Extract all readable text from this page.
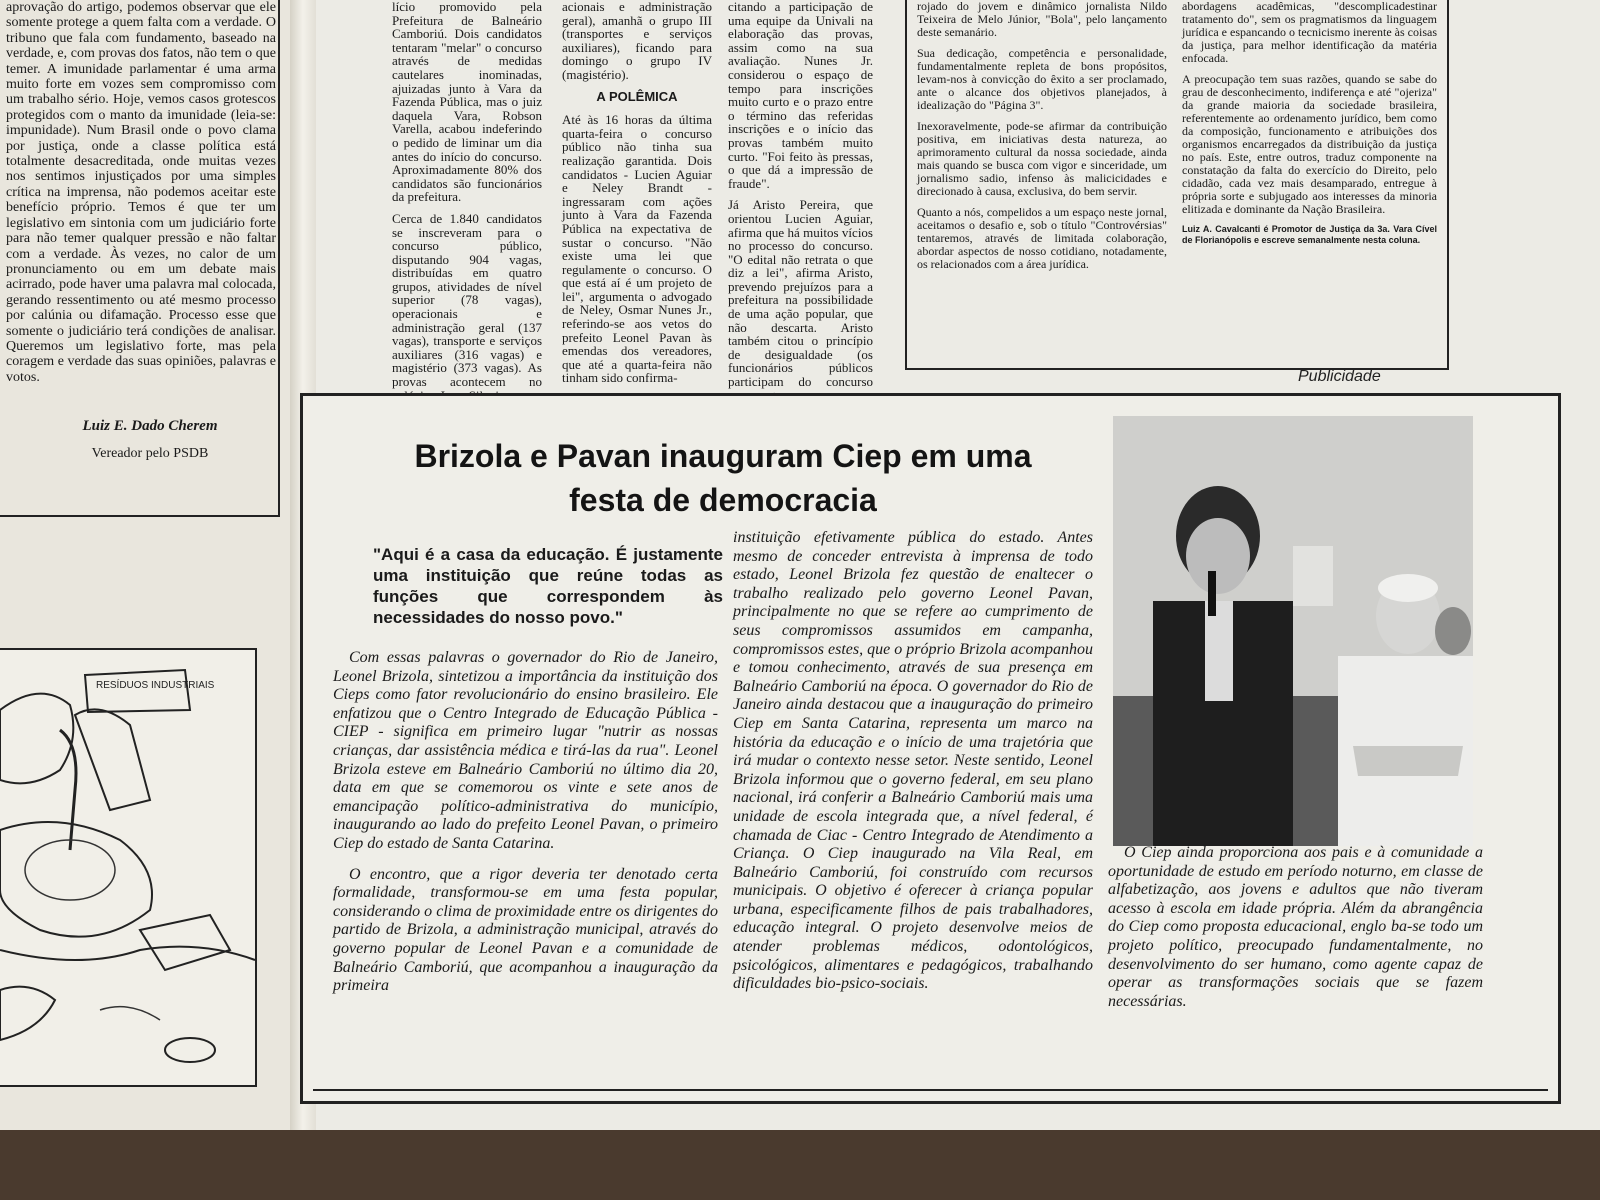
aprovação do artigo, podemos observar que ele somente protege a quem falta com a verdade. O tribuno que fala com fundamento, baseado na verdade, e, com provas dos fatos, não tem o que temer. A imunidade parlamentar é uma arma muito forte em vozes sem compromisso com um trabalho sério. Hoje, vemos casos grotescos protegidos com o manto da imunidade (leia-se: impunidade). Num Brasil onde o povo clama por justiça, onde a classe política está totalmente desacreditada, onde muitas vezes nos sentimos injustiçados por uma simples crítica na imprensa, não podemos aceitar este benefício próprio. Temos é que ter um legislativo em sintonia com um judiciário forte para não temer qualquer pressão e não faltar com a verdade. Às vezes, no calor de um pronunciamento ou em um debate mais acirrado, pode haver uma palavra mal colocada, gerando ressentimento ou até mesmo processo por calúnia ou difamação. Processo esse que somente o judiciário terá condições de analisar. Queremos um legislativo forte, mas pela coragem e verdade das suas opiniões, palavras e votos.

Luiz E. Dado Cherem
Vereador pelo PSDB
RESÍDUOS INDUSTRIAIS

lício promovido pela Prefeitura de Balneário Camboriú. Dois candidatos tentaram "melar" o concurso através de medidas cautelares inominadas, ajuizadas junto à Vara da Fazenda Pública, mas o juiz daquela Vara, Robson Varella, acabou indeferindo o pedido de liminar um dia antes do início do concurso. Aproximadamente 80% dos candidatos são funcionários da prefeitura.

Cerca de 1.840 candidatos se inscreveram para o concurso público, disputando 904 vagas, distribuídas em quatro grupos, atividades de nível superior (78 vagas), operacionais e administração geral (137 vagas), transporte e serviços auxiliares (316 vagas) e magistério (373 vagas). As provas acontecem no

acionais e administração geral), amanhã o grupo III (transportes e serviços auxiliares), ficando para domingo o grupo IV (magistério).

A POLÊMICA

Até às 16 horas da última quarta-feira o concurso público não tinha sua realização garantida. Dois candidatos - Lucien Aguiar e Neley Brandt - ingressaram com ações junto à Vara da Fazenda Pública na expectativa de sustar o concurso. "Não existe uma lei que regulamente o concurso. O que está aí é um projeto de lei", argumenta o advogado de Neley, Osmar Nunes Jr., referindo-se aos vetos do prefeito Leonel Pavan às emendas dos vereadores, que até a quarta-feira não tinham sido confirma-

citando a participação de uma equipe da Univali na elaboração das provas, assim como na sua avaliação. Nunes Jr. considerou o espaço de tempo para inscrições muito curto e o prazo entre o término das referidas inscrições e o início das provas também muito curto. "Foi feito às pressas, o que dá a impressão de fraude".

Já Aristo Pereira, que orientou Lucien Aguiar, afirma que há muitos vícios no processo do concurso. "O edital não retrata o que diz a lei", afirma Aristo, prevendo prejuízos para a prefeitura na possibilidade de uma ação popular, que não descarta. Aristo também citou o princípio de desigualdade (os funcionários públicos participam do concurso

rojado do jovem e dinâmico jornalista Nildo Teixeira de Melo Júnior, "Bola", pelo lançamento deste semanário.

Sua dedicação, competência e personalidade, fundamentalmente repleta de bons propósitos, levam-nos à convicção do êxito a ser proclamado, ante o alcance dos objetivos planejados, à idealização do "Página 3".

Inexoravelmente, pode-se afirmar da contribuição positiva, em iniciativas desta natureza, ao aprimoramento cultural da nossa sociedade, ainda mais quando se busca com vigor e sinceridade, um jornalismo sadio, infenso às malicicidades e direcionado à causa, exclusiva, do bem servir.

Quanto a nós, compelidos a um espaço neste jornal, aceitamos o desafio e, sob o título "Controvérsias" tentaremos, através de limitada colaboração, abordar aspectos de nosso cotidiano, notadamente, os relacionados com a área jurídica.

abordagens acadêmicas, "descomplicadestinar tratamento do", sem os pragmatismos da linguagem jurídica e espancando o tecnicismo inerente às coisas da justiça, para melhor identificação da matéria enfocada.

A preocupação tem suas razões, quando se sabe do grau de desconhecimento, indiferença e até "ojeriza" da grande maioria da sociedade brasileira, referentemente ao ordenamento jurídico, bem como da composição, funcionamento e atribuições dos organismos encarregados da distribuição da justiça no país. Este, entre outros, traduz componente na constatação da falta do exercício do Direito, pelo cidadão, cada vez mais desamparado, entregue à própria sorte e subjugado aos interesses da minoria elitizada e dominante da Nação Brasileira.

Luiz A. Cavalcanti é Promotor de Justiça da 3a. Vara Cível de Florianópolis e escreve semanalmente nesta coluna.

Publicidade
Brizola e Pavan inauguram Ciep em uma festa de democracia
"Aqui é a casa da educação. É justamente uma instituição que reúne todas as funções que correspondem às necessidades do nosso povo."

Com essas palavras o governador do Rio de Janeiro, Leonel Brizola, sintetizou a importância da instituição dos Cieps como fator revolucionário do ensino brasileiro. Ele enfatizou que o Centro Integrado de Educação Pública - CIEP - significa em primeiro lugar "nutrir as nossas crianças, dar assistência médica e tirá-las da rua". Leonel Brizola esteve em Balneário Camboriú no último dia 20, data em que se comemorou os vinte e sete anos de emancipação político-administrativa do município, inaugurando ao lado do prefeito Leonel Pavan, o primeiro Ciep do estado de Santa Catarina.

O encontro, que a rigor deveria ter denotado certa formalidade, transformou-se em uma festa popular, considerando o clima de proximidade entre os dirigentes do partido de Brizola, a administração municipal, através do governo popular de Leonel Pavan e a comunidade de Balneário Camboriú, que acompanhou a inauguração da primeira

instituição efetivamente pública do estado. Antes mesmo de conceder entrevista à imprensa de todo estado, Leonel Brizola fez questão de enaltecer o trabalho realizado pelo governo Leonel Pavan, principalmente no que se refere ao cumprimento de seus compromissos assumidos em campanha, compromissos estes, que o próprio Brizola acompanhou e tomou conhecimento, através de sua presença em Balneário Camboriú na época. O governador do Rio de Janeiro ainda destacou que a inauguração do primeiro Ciep em Santa Catarina, representa um marco na história da educação e o início de uma trajetória que irá mudar o contexto nesse setor. Neste sentido, Leonel Brizola informou que o governo federal, em seu plano nacional, irá conferir a Balneário Camboriú mais uma unidade de escola integrada que, a nível federal, é chamada de Ciac - Centro Integrado de Atendimento a Criança. O Ciep inaugurado na Vila Real, em Balneário Camboriú, foi construído com recursos municipais. O objetivo é oferecer à criança popular urbana, especificamente filhos de pais trabalhadores, educação integral. O projeto desenvolve meios de atender problemas médicos, odontológicos, psicológicos, alimentares e pedagógicos, trabalhando dificuldades bio-psico-sociais.

O Ciep ainda proporciona aos pais e à comunidade a oportunidade de estudo em período noturno, em classe de alfabetização, aos jovens e adultos que não tiveram acesso à escola em idade própria. Além da abrangência do Ciep como proposta educacional, englo ba-se todo um projeto político, preocupado fundamentalmente, no desenvolvimento do ser humano, como agente capaz de operar as transformações sociais que se fazem necessárias.
